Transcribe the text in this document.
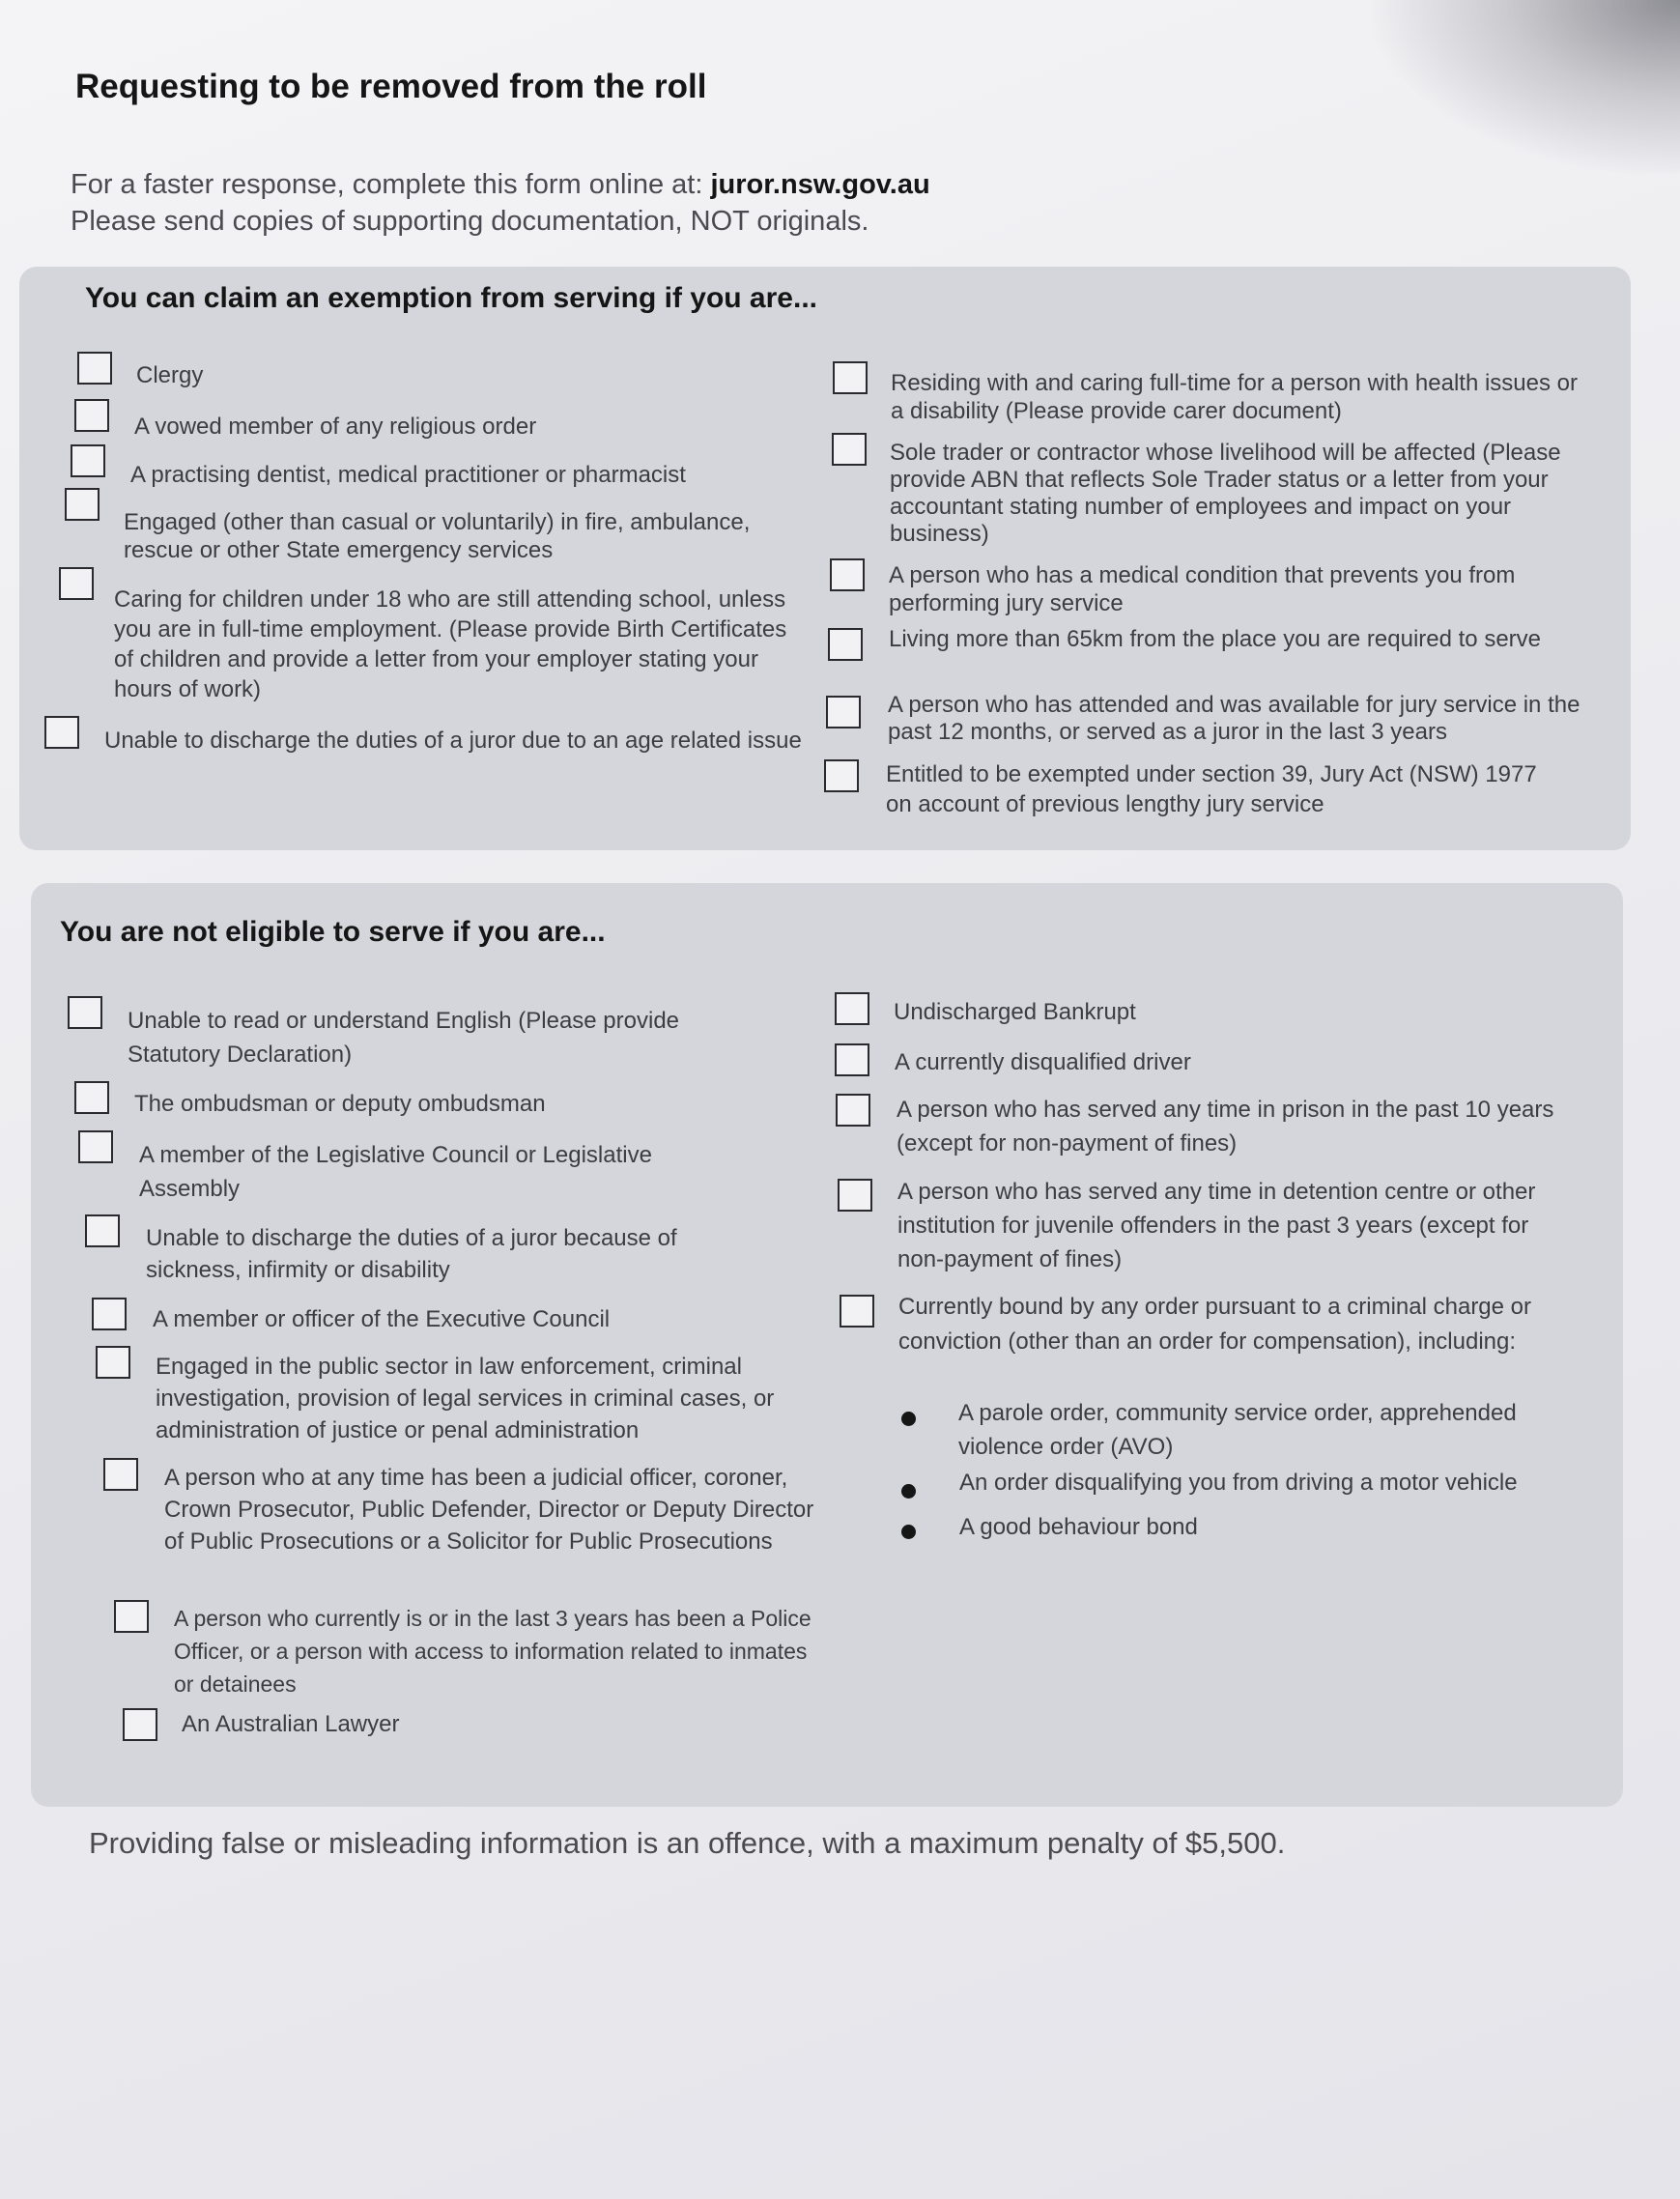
Requesting to be removed from the roll
For a faster response, complete this form online at: juror.nsw.gov.au
Please send copies of supporting documentation, NOT originals.
You can claim an exemption from serving if you are...
Clergy
A vowed member of any religious order
A practising dentist, medical practitioner or pharmacist
Engaged (other than casual or voluntarily) in fire, ambulance, rescue or other State emergency services
Caring for children under 18 who are still attending school, unless you are in full-time employment. (Please provide Birth Certificates of children and provide a letter from your employer stating your hours of work)
Unable to discharge the duties of a juror due to an age related issue
Residing with and caring full-time for a person with health issues or a disability (Please provide carer document)
Sole trader or contractor whose livelihood will be affected (Please provide ABN that reflects Sole Trader status or a letter from your accountant stating number of employees and impact on your business)
A person who has a medical condition that prevents you from performing jury service
Living more than 65km from the place you are required to serve
A person who has attended and was available for jury service in the past 12 months, or served as a juror in the last 3 years
Entitled to be exempted under section 39, Jury Act (NSW) 1977 on account of previous lengthy jury service
You are not eligible to serve if you are...
Unable to read or understand English (Please provide Statutory Declaration)
The ombudsman or deputy ombudsman
A member of the Legislative Council or Legislative Assembly
Unable to discharge the duties of a juror because of sickness, infirmity or disability
A member or officer of the Executive Council
Engaged in the public sector in law enforcement, criminal investigation, provision of legal services in criminal cases, or administration of justice or penal administration
A person who at any time has been a judicial officer, coroner, Crown Prosecutor, Public Defender, Director or Deputy Director of Public Prosecutions or a Solicitor for Public Prosecutions
A person who currently is or in the last 3 years has been a Police Officer, or a person with access to information related to inmates or detainees
An Australian Lawyer
Undischarged Bankrupt
A currently disqualified driver
A person who has served any time in prison in the past 10 years (except for non-payment of fines)
A person who has served any time in detention centre or other institution for juvenile offenders in the past 3 years (except for non-payment of fines)
Currently bound by any order pursuant to a criminal charge or conviction (other than an order for compensation), including:
A parole order, community service order, apprehended violence order (AVO)
An order disqualifying you from driving a motor vehicle
A good behaviour bond
Providing false or misleading information is an offence, with a maximum penalty of $5,500.
